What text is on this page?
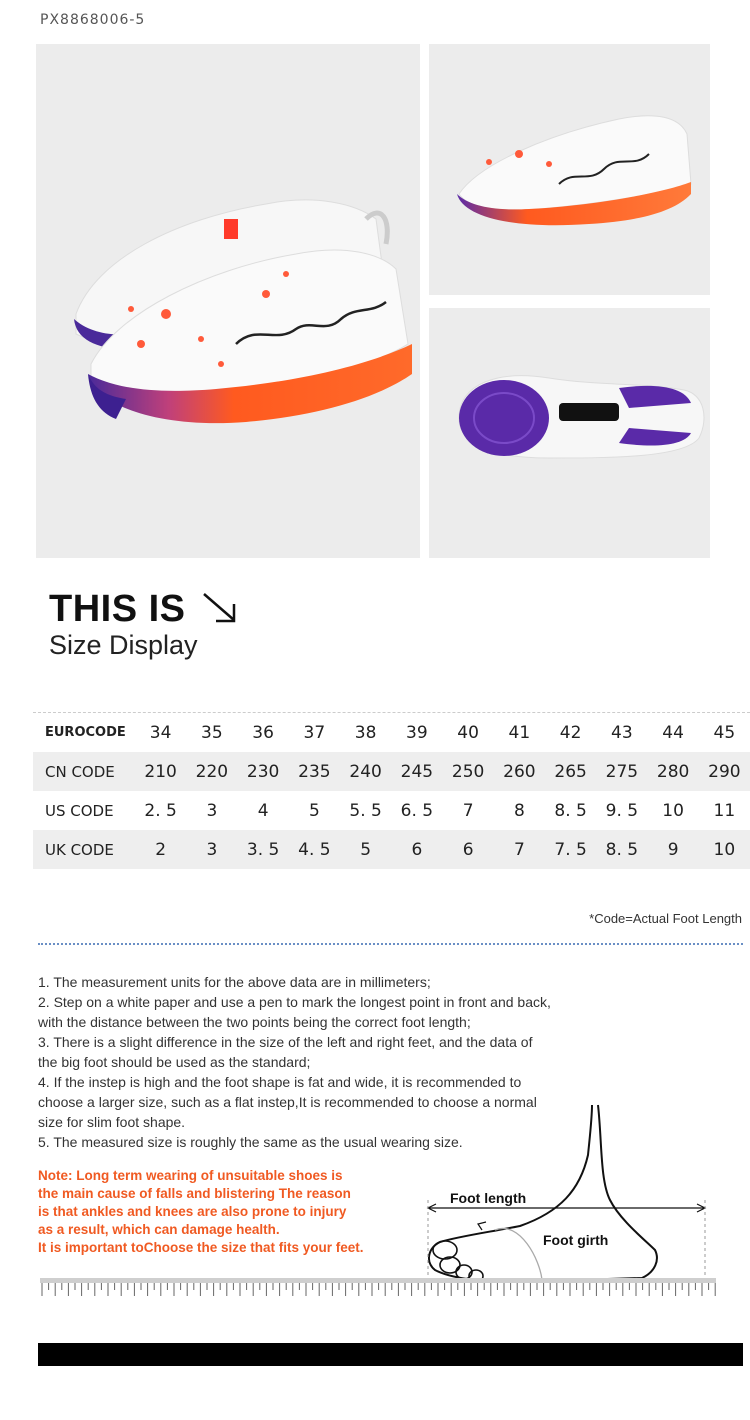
PX8868006-5
THIS IS
Size Display
EUROCODE	34	35	36	37	38	39	40	41	42	43	44	45
CN CODE	210	220	230	235	240	245	250	260	265	275	280	290
US CODE	2. 5	3	4	5	5. 5	6. 5	7	8	8. 5	9. 5	10	11
UK CODE	2	3	3. 5	4. 5	5	6	6	7	7. 5	8. 5	9	10
*Code=Actual Foot Length

1. The measurement units for the above data are in millimeters;

2. Step on a white paper and use a pen to mark the longest point in front and back,

with the distance between the two points being the correct foot length;

3. There is a slight difference in the size of the left and right feet, and the data of

the big foot should be used as the standard;

4. If the instep is high and the foot shape is fat and wide, it is recommended to

choose a larger size, such as a flat instep,It is recommended to choose a normal

size for slim foot shape.

5. The measured size is roughly the same as the usual wearing size.

Note: Long term wearing of unsuitable shoes is

the main cause of falls and blistering The reason

is that ankles and knees are also prone to injury

as a result, which can damage health.

It is important toChoose the size that fits your feet.

Foot length
Foot girth
